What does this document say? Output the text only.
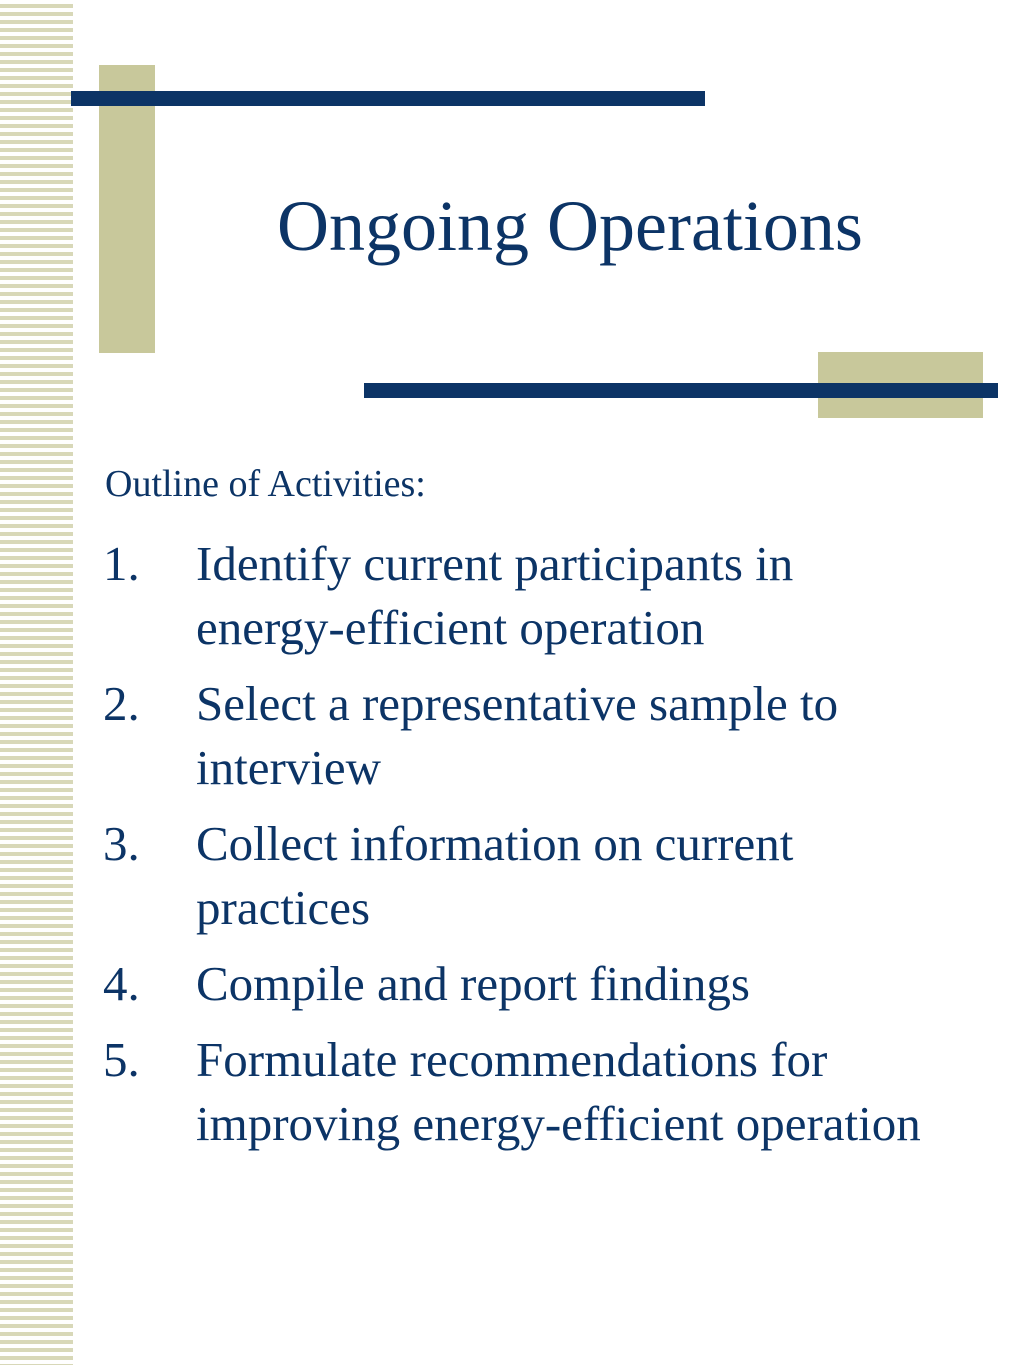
Ongoing Operations

Outline of Activities:

1. Identify current participants in energy-efficient operation
2. Select a representative sample to interview
3. Collect information on current practices
4. Compile and report findings
5. Formulate recommendations for improving energy-efficient operation
